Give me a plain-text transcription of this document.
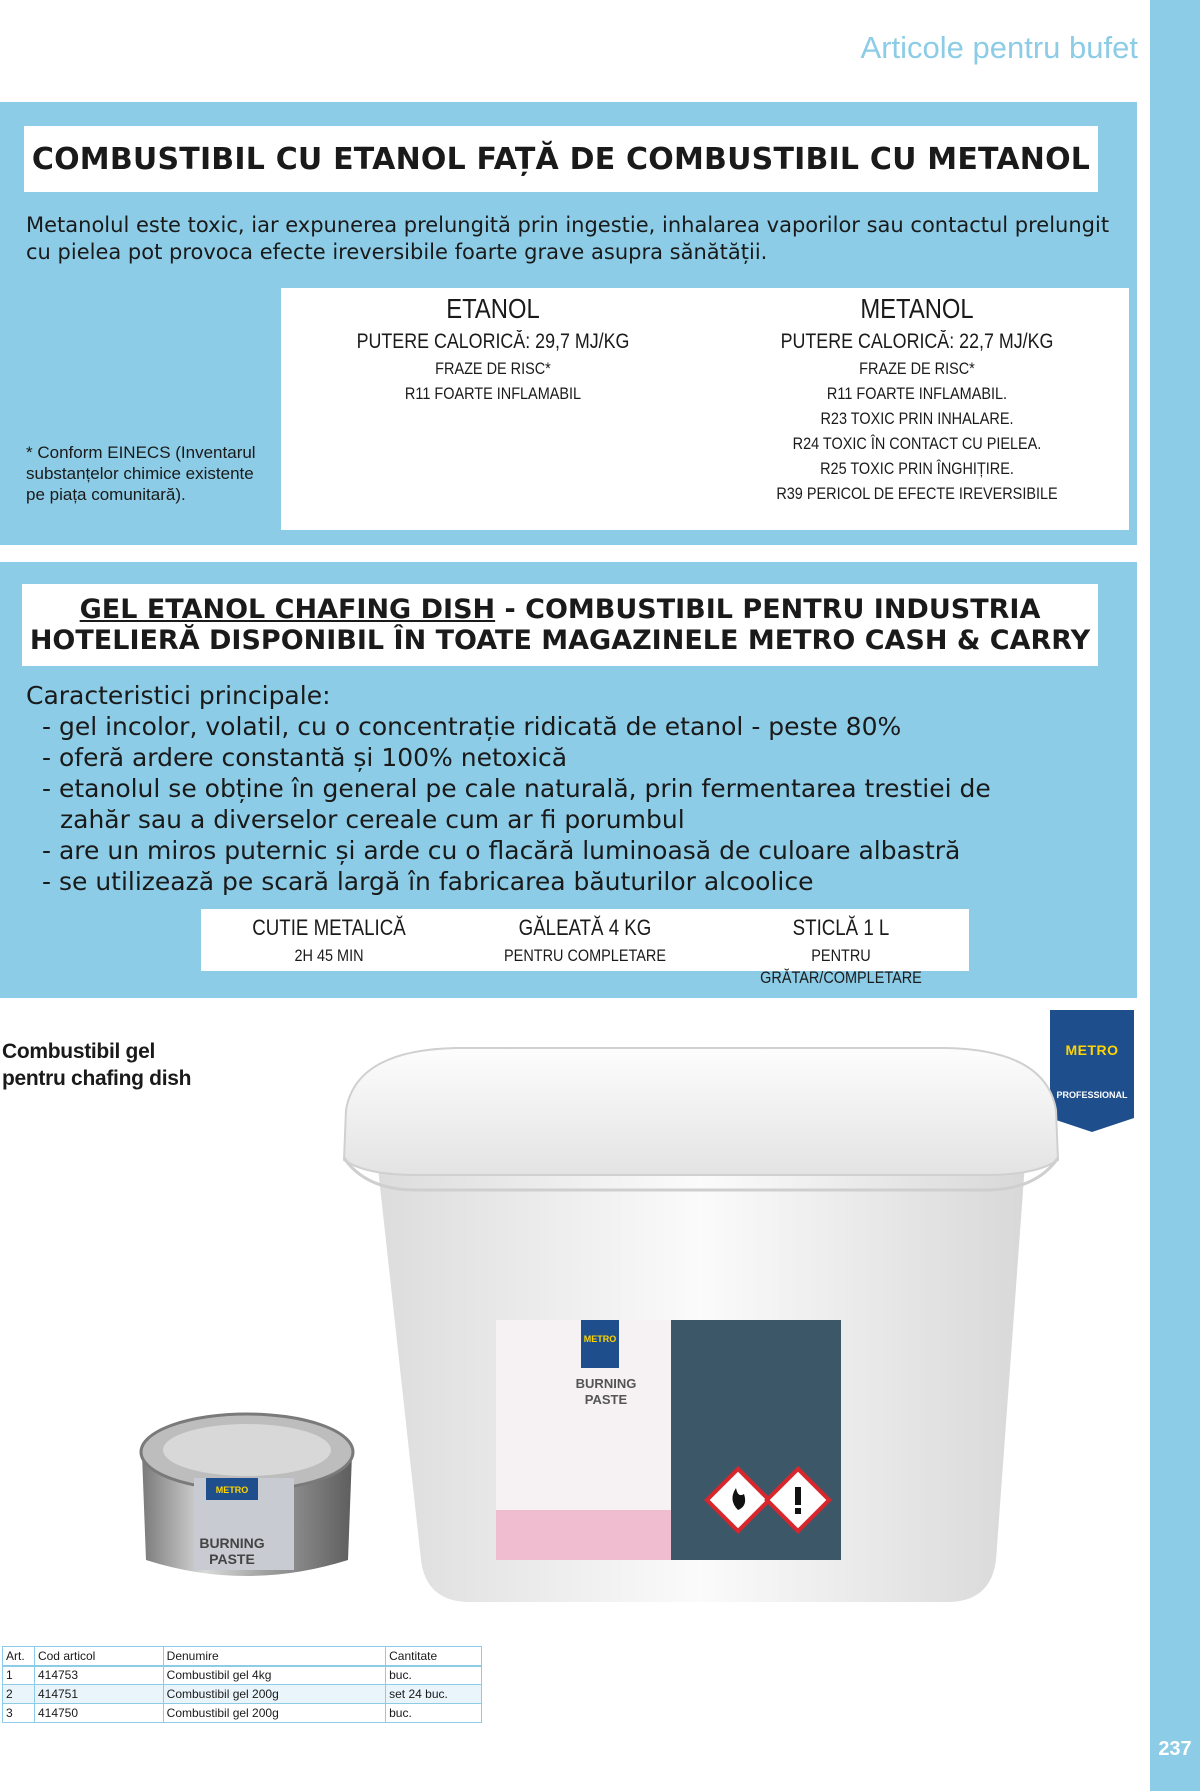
237
Articole pentru bufet
COMBUSTIBIL CU ETANOL FAȚĂ DE COMBUSTIBIL CU METANOL
Metanolul este toxic, iar expunerea prelungită prin ingestie, inhalarea vaporilor sau contactul prelungit cu pielea pot provoca efecte ireversibile foarte grave asupra sănătății.
* Conform EINECS (Inventarul substanțelor chimice existente pe piața comunitară).
ETANOL
PUTERE CALORICĂ: 29,7 MJ/KG
FRAZE DE RISC*
R11 FOARTE INFLAMABIL
METANOL
PUTERE CALORICĂ: 22,7 MJ/KG
FRAZE DE RISC*
R11 FOARTE INFLAMABIL.
R23 TOXIC PRIN INHALARE.
R24 TOXIC ÎN CONTACT CU PIELEA.
R25 TOXIC PRIN ÎNGHIȚIRE.
R39 PERICOL DE EFECTE IREVERSIBILE
GEL ETANOL CHAFING DISH - COMBUSTIBIL PENTRU INDUSTRIA
HOTELIERĂ DISPONIBIL ÎN TOATE MAGAZINELE METRO CASH & CARRY
Caracteristici principale:
- gel incolor, volatil, cu o concentrație ridicată de etanol - peste 80%
- oferă ardere constantă și 100% netoxică
- etanolul se obține în general pe cale naturală, prin fermentarea trestiei de
zahăr sau a diverselor cereale cum ar fi porumbul
- are un miros puternic și arde cu o flacără luminoasă de culoare albastră
- se utilizează pe scară largă în fabricarea băuturilor alcoolice
CUTIE METALICĂ
2H 45 MIN
GĂLEATĂ 4 KG
PENTRU COMPLETARE
STICLĂ 1 L
PENTRU GRĂTAR/COMPLETARE
Combustibil gel
pentru chafing dish
METRO
PROFESSIONAL
METRO
BURNING
PASTE
METRO
BURNING
PASTE
Art.	Cod articol	Denumire	Cantitate
1	414753	Combustibil gel 4kg	buc.
2	414751	Combustibil gel 200g	set 24 buc.
3	414750	Combustibil gel 200g	buc.
